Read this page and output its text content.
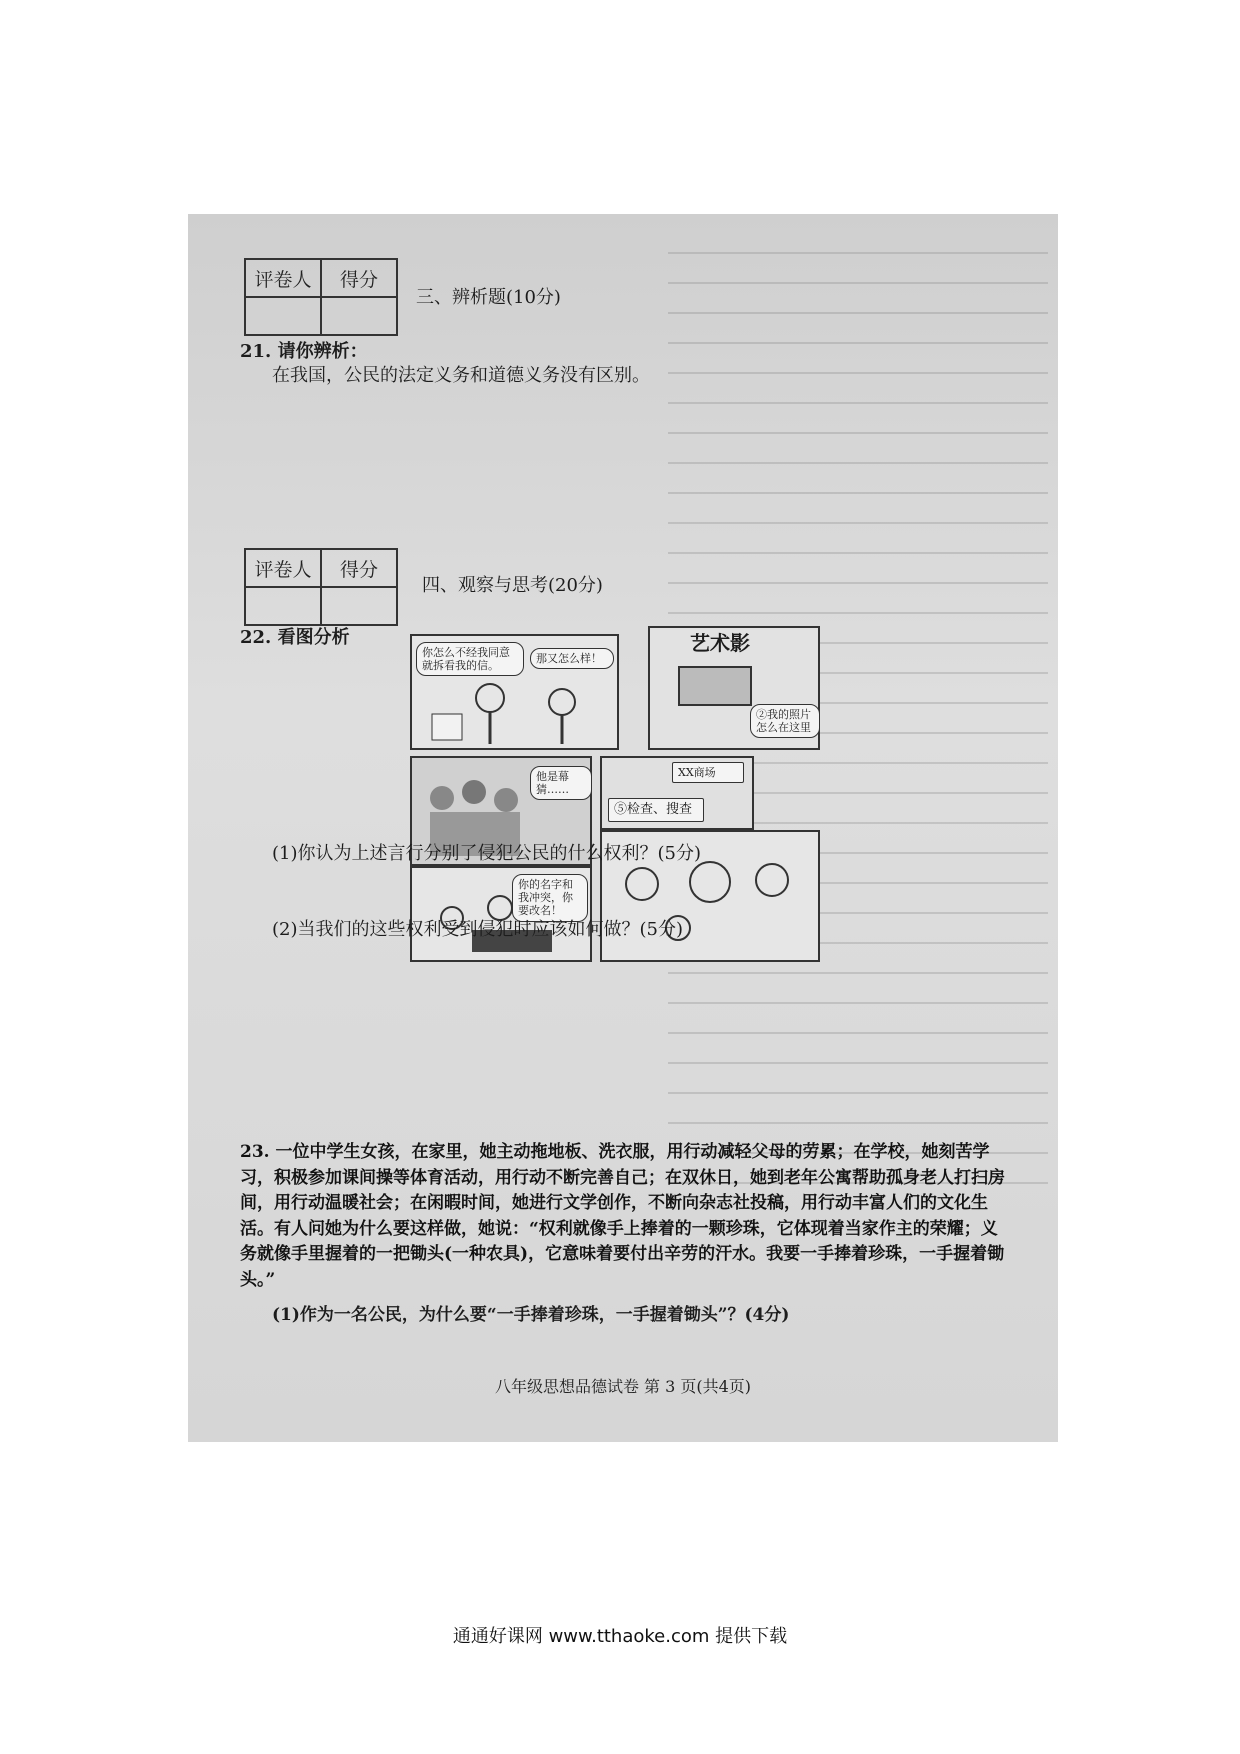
评卷人	得分

三、辨析题(10分)
21. 请你辨析：
在我国，公民的法定义务和道德义务没有区别。
评卷人	得分

四、观察与思考(20分)
22. 看图分析
你怎么不经我同意就拆看我的信。
那又怎么样！
艺术影
②我的照片怎么在这里
他是幕猜……
XX商场
⑤检查、搜查
你的名字和我冲突，你要改名！
(1)你认为上述言行分别了侵犯公民的什么权利？(5分)
(2)当我们的这些权利受到侵犯时应该如何做？(5分)
23. 一位中学生女孩，在家里，她主动拖地板、洗衣服，用行动减轻父母的劳累；在学校，她刻苦学习，积极参加课间操等体育活动，用行动不断完善自己；在双休日，她到老年公寓帮助孤身老人打扫房间，用行动温暖社会；在闲暇时间，她进行文学创作，不断向杂志社投稿，用行动丰富人们的文化生活。有人问她为什么要这样做，她说：“权利就像手上捧着的一颗珍珠，它体现着当家作主的荣耀；义务就像手里握着的一把锄头(一种农具)，它意味着要付出辛劳的汗水。我要一手捧着珍珠，一手握着锄头。”
(1)作为一名公民，为什么要“一手捧着珍珠，一手握着锄头”？(4分)
八年级思想品德试卷 第 3 页(共4页)
通通好课网 www.tthaoke.com 提供下载
